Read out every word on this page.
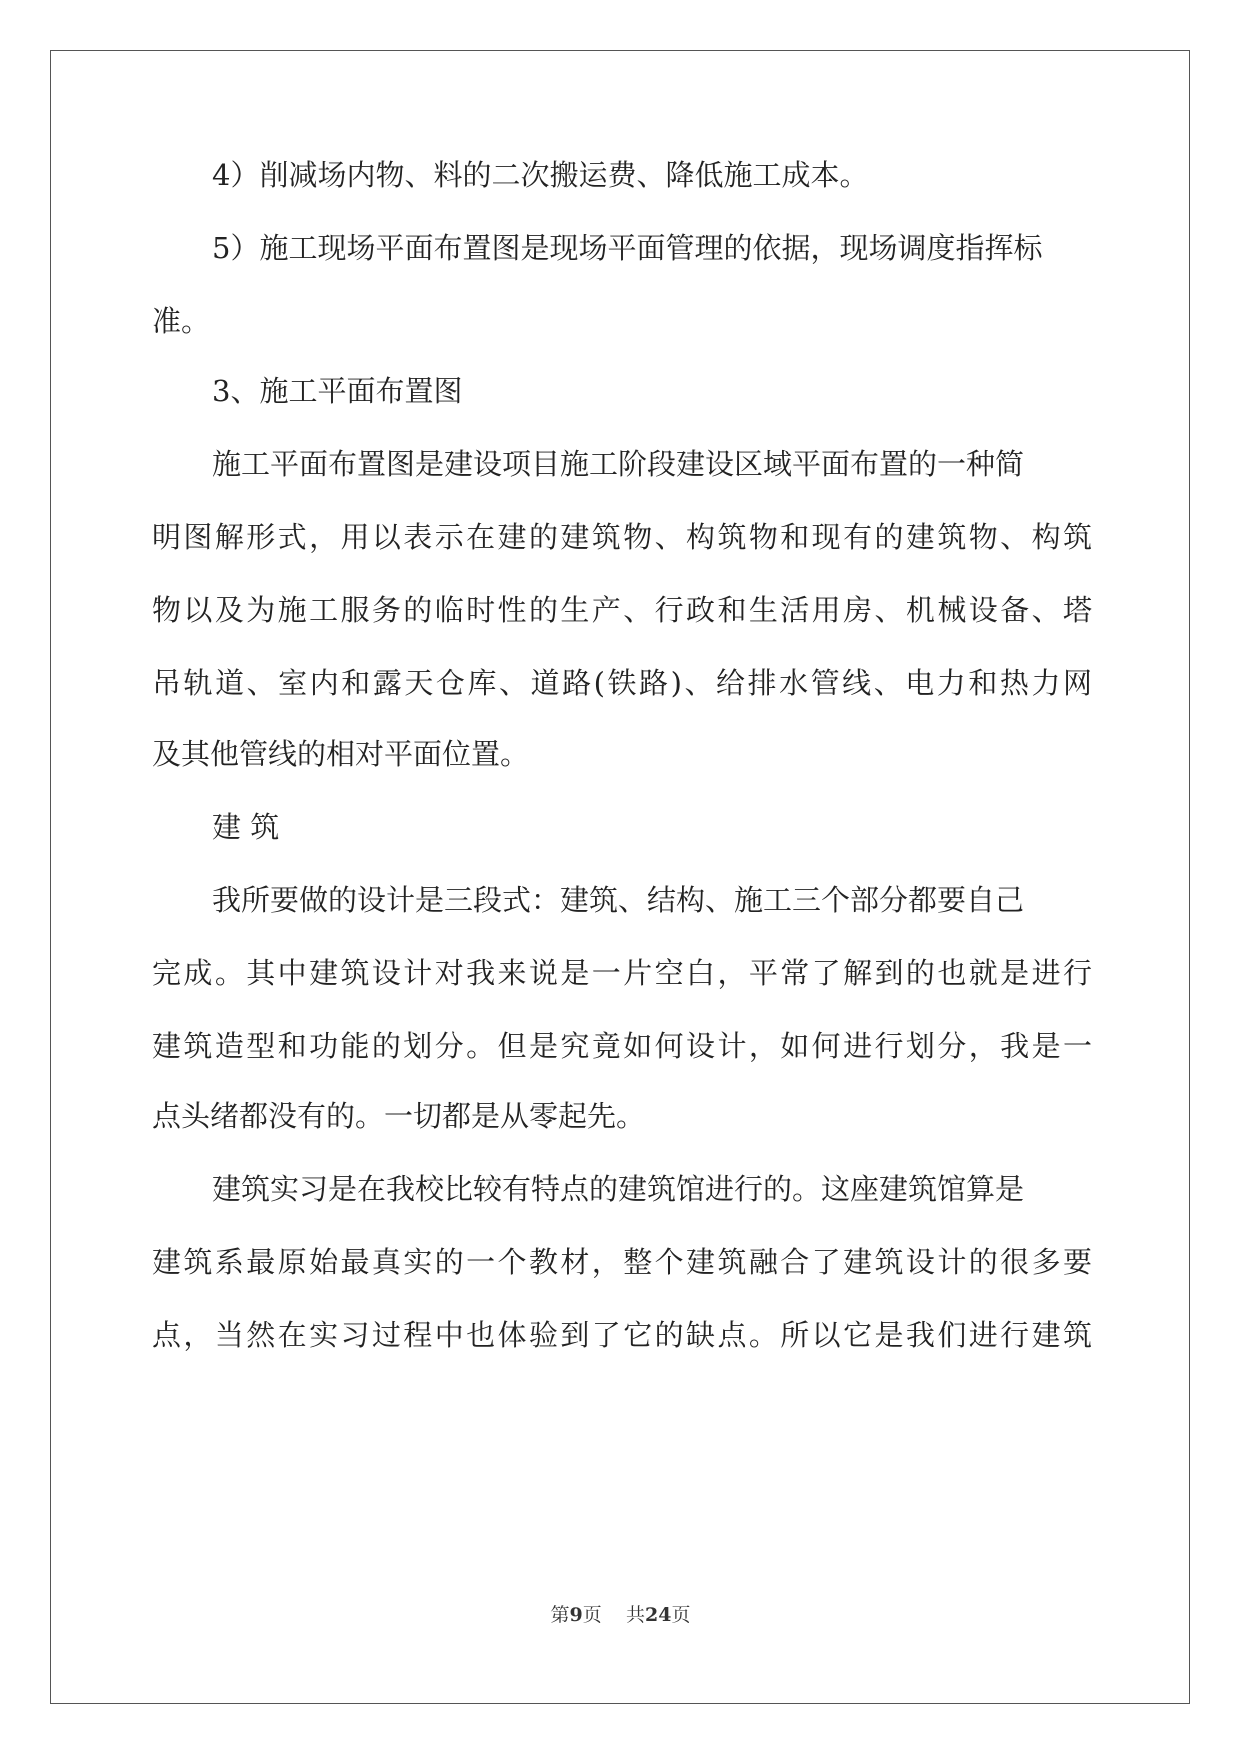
4）削减场内物、料的二次搬运费、降低施工成本。
5）施工现场平面布置图是现场平面管理的依据，现场调度指挥标
准。
3、施工平面布置图
施工平面布置图是建设项目施工阶段建设区域平面布置的一种简
明图解形式，用以表示在建的建筑物、构筑物和现有的建筑物、构筑
物以及为施工服务的临时性的生产、行政和生活用房、机械设备、塔
吊轨道、室内和露天仓库、道路(铁路)、给排水管线、电力和热力网
及其他管线的相对平面位置。
建 筑
我所要做的设计是三段式：建筑、结构、施工三个部分都要自己
完成。其中建筑设计对我来说是一片空白，平常了解到的也就是进行
建筑造型和功能的划分。但是究竟如何设计，如何进行划分，我是一
点头绪都没有的。一切都是从零起先。
建筑实习是在我校比较有特点的建筑馆进行的。这座建筑馆算是
建筑系最原始最真实的一个教材，整个建筑融合了建筑设计的很多要
点，当然在实习过程中也体验到了它的缺点。所以它是我们进行建筑
第9页 共24页
